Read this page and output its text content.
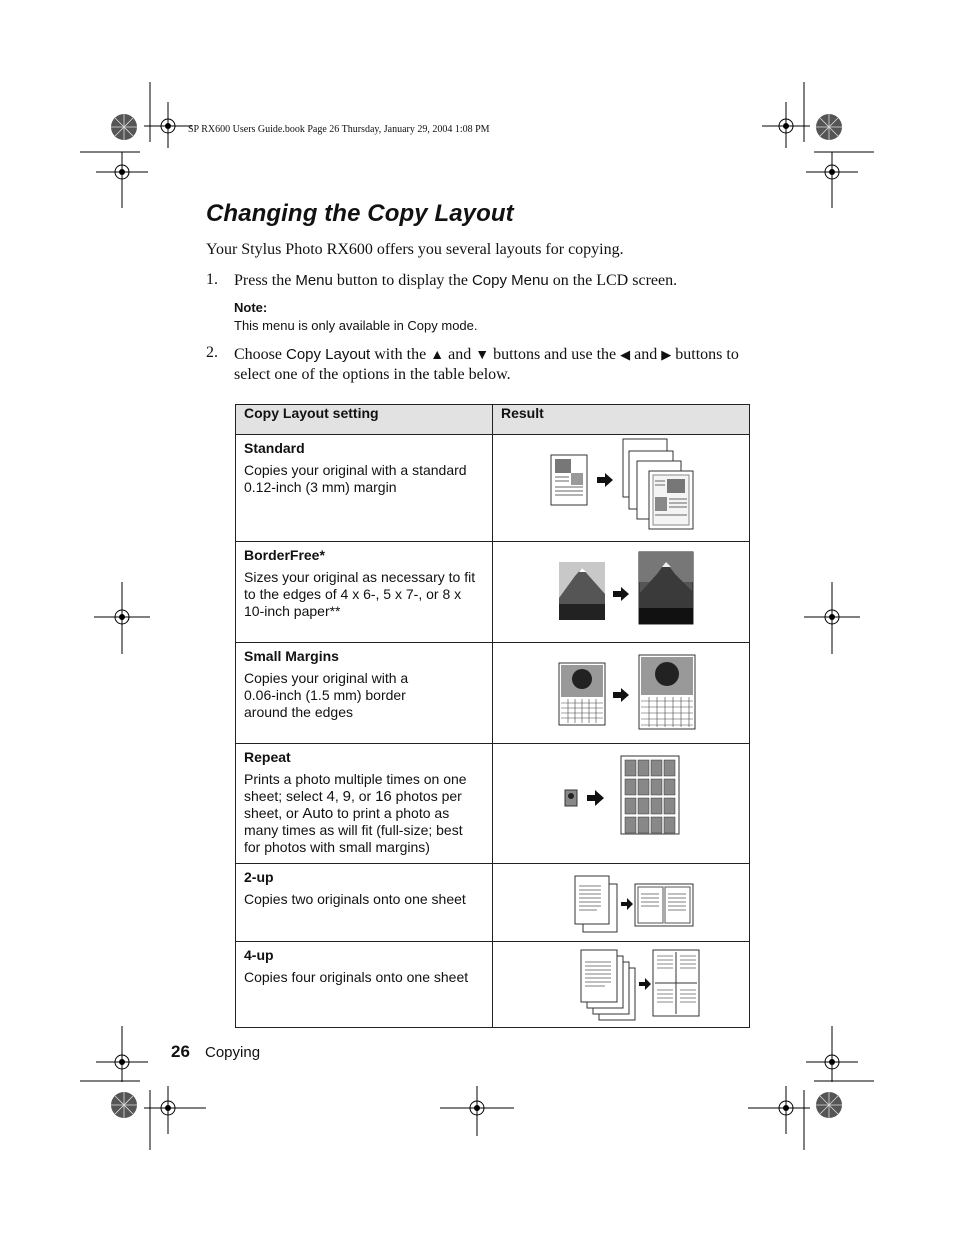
SP RX600 Users Guide.book Page 26 Thursday, January 29, 2004 1:08 PM
Changing the Copy Layout

Your Stylus Photo RX600 offers you several layouts for copying.

1. Press the Menu button to display the Copy Menu on the LCD screen.
Note:
This menu is only available in Copy mode.
2. Choose Copy Layout with the ▲ and ▼ buttons and use the ◀ and ▶ buttons to select one of the options in the table below.
Copy Layout setting	Result

Standard
Copies your original with a standard 0.12-inch (3 mm) margin

BorderFree*
Sizes your original as necessary to fit to the edges of 4 x 6-, 5 x 7-, or 8 x 10-inch paper**

Small Margins
Copies your original with a 0.06-inch (1.5 mm) border around the edges

Repeat
Prints a photo multiple times on one sheet; select 4, 9, or 16 photos per sheet, or Auto to print a photo as many times as will fit (full-size; best for photos with small margins)

2-up
Copies two originals onto one sheet

4-up
Copies four originals onto one sheet

26 Copying
